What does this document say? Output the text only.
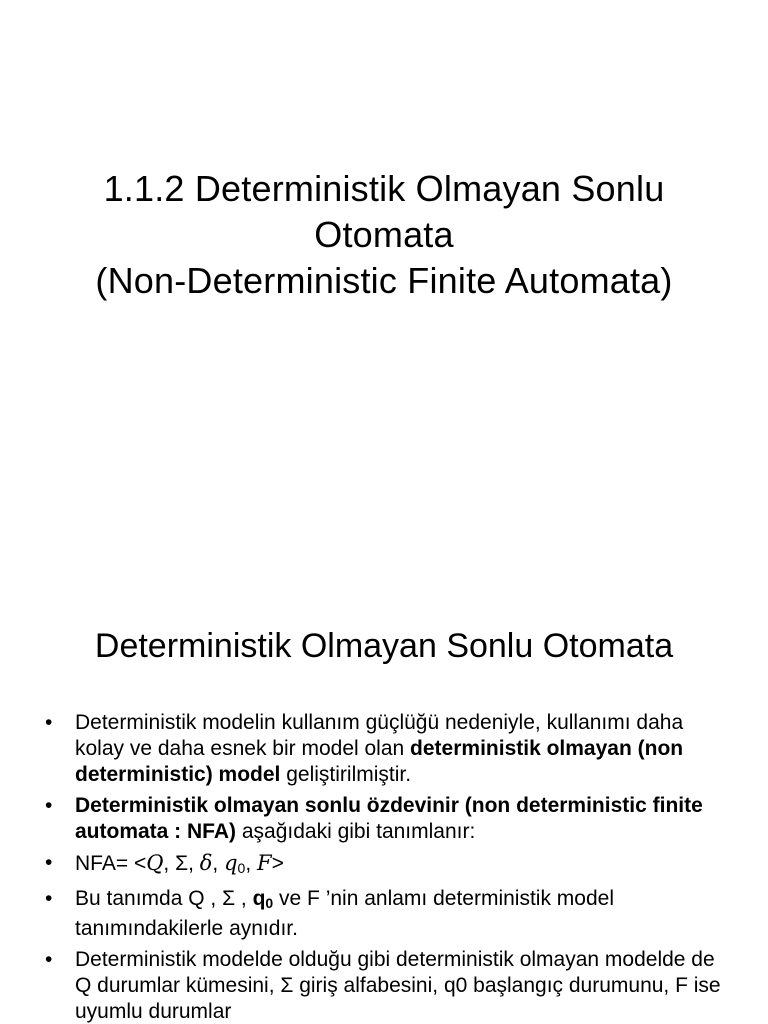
1.1.2 Deterministik Olmayan Sonlu
Otomata
(Non-Deterministic Finite Automata)
Deterministik Olmayan Sonlu Otomata
• Deterministik modelin kullanım güçlüğü nedeniyle, kullanımı daha kolay ve daha esnek bir model olan deterministik olmayan (non deterministic) model geliştirilmiştir.
• Deterministik olmayan sonlu özdevinir (non deterministic finite automata : NFA) aşağıdaki gibi tanımlanır:
• NFA= <Q, Σ, δ, $q_0$, F>
• Bu tanımda Q , Σ , $q_0$ ve F ’nin anlamı deterministik model tanımındakilerle aynıdır.
• Deterministik modelde olduğu gibi deterministik olmayan modelde de Q durumlar kümesini, Σ giriş alfabesini, q0 başlangıç durumunu, F ise uyumlu durumlar
